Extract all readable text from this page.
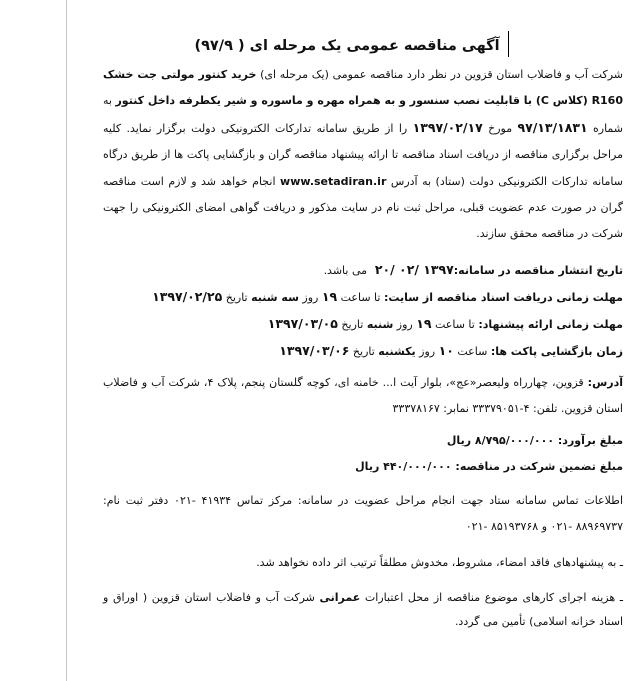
آگهی مناقصه عمومی یک مرحله ای ( ۹۷/۹)

شرکت آب و فاضلاب استان قزوین در نظر دارد مناقصه عمومی (یک مرحله ای) خرید کنتور مولتی جت خشک R160 (کلاس C) با قابلیت نصب سنسور و به همراه مهره و ماسوره و شیر یکطرفه داخل کنتور به شماره ۹۷/۱۳/۱۸۳۱ مورخ ۱۳۹۷/۰۲/۱۷ را از طریق سامانه تدارکات الکترونیکی دولت برگزار نماید. کلیه مراحل برگزاری مناقصه از دریافت اسناد مناقصه تا ارائه پیشنهاد مناقصه گران و بازگشایی پاکت ها از طریق درگاه سامانه تدارکات الکترونیکی دولت (ستاد) به آدرس www.setadiran.ir انجام خواهد شد و لازم است مناقصه گران در صورت عدم عضویت قبلی، مراحل ثبت نام در سایت مذکور و دریافت گواهی امضای الکترونیکی را جهت شرکت در مناقصه محقق سازند.

تاریخ انتشار مناقصه در سامانه: ۲۰/ ۰۲/ ۱۳۹۷ می باشد.

مهلت زمانی دریافت اسناد مناقصه از سایت: تا ساعت ۱۹ روز سه شنبه تاریخ ۱۳۹۷/۰۲/۲۵

مهلت زمانی ارائه پیشنهاد: تا ساعت ۱۹ روز شنبه تاریخ ۱۳۹۷/۰۳/۰۵

زمان بازگشایی پاکت ها: ساعت ۱۰ روز یکشنبه تاریخ ۱۳۹۷/۰۳/۰۶

آدرس: قزوین، چهارراه ولیعصر«عج»، بلوار آیت ا... خامنه ای، کوچه گلستان پنجم، پلاک ۴، شرکت آب و فاضلاب استان قزوین. تلفن: ۴-۳۳۳۷۹۰۵۱ نمابر: ۳۳۳۷۸۱۶۷

مبلغ برآورد: ۸/۷۹۵/۰۰۰/۰۰۰ ریال

مبلغ تضمین شرکت در مناقصه: ۴۴۰/۰۰۰/۰۰۰ ریال

اطلاعات تماس سامانه ستاد جهت انجام مراحل عضویت در سامانه: مرکز تماس ۴۱۹۳۴ -۰۲۱ دفتر ثبت نام: ۸۸۹۶۹۷۳۷ -۰۲۱ و ۸۵۱۹۳۷۶۸ -۰۲۱

ـ به پیشنهادهای فاقد امضاء، مشروط، مخدوش مطلقاً ترتیب اثر داده نخواهد شد.

ـ هزینه اجرای کارهای موضوع مناقصه از محل اعتبارات عمرانی شرکت آب و فاضلاب استان قزوین ( اوراق و اسناد خزانه اسلامی) تأمین می گردد.
